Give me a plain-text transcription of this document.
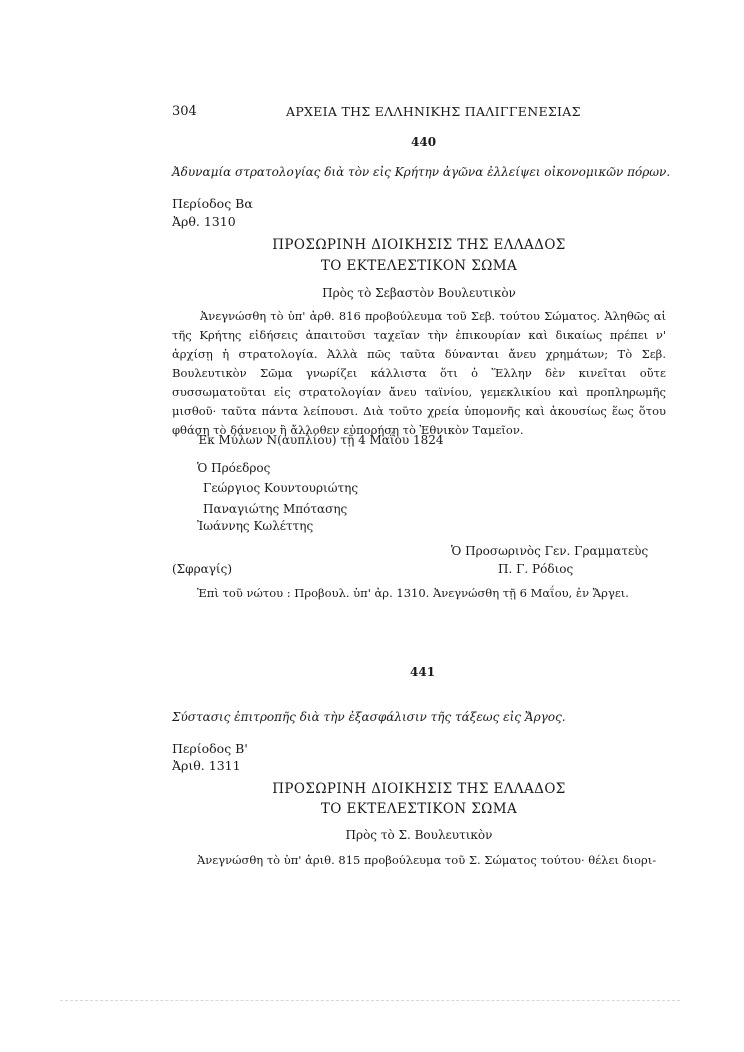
304	ΑΡΧΕΙΑ ΤΗΣ ΕΛΛΗΝΙΚΗΣ ΠΑΛΙΓΓΕΝΕΣΙΑΣ
440
Ἀδυναμία στρατολογίας διὰ τὸν εἰς Κρήτην ἀγῶνα ἐλλείψει οἰκονομικῶν πόρων.
Περίοδος Βα
Ἀρθ. 1310
ΠΡΟΣΩΡΙΝΗ ΔΙΟΙΚΗΣΙΣ ΤΗΣ ΕΛΛΑΔΟΣ
ΤΟ ΕΚΤΕΛΕΣΤΙΚΟΝ ΣΩΜΑ
Πρὸς τὸ Σεβαστὸν Βουλευτικὸν
Ἀνεγνώσθη τὸ ὑπ' ἀρθ. 816 προβούλευμα τοῦ Σεβ. τούτου Σώματος. Ἀληθῶς αἱ τῆς Κρήτης εἰδήσεις ἀπαιτοῦσι ταχεῖαν τὴν ἐπικουρίαν καὶ δικαίως πρέπει ν' ἀρχίσῃ ἡ στρατολογία. Ἀλλὰ πῶς ταῦτα δύνανται ἄνευ χρημάτων; Τὸ Σεβ. Βουλευτικὸν Σῶμα γνωρίζει κάλλιστα ὅτι ὁ Ἕλλην δὲν κινεῖται οὔτε συσσωματοῦται εἰς στρατολογίαν ἄνευ ταϊνίου, γεμεκλικίου καὶ προπληρωμῆς μισθοῦ· ταῦτα πάντα λείπουσι. Διὰ τοῦτο χρεία ὑπομονῆς καὶ ἀκουσίως ἕως ὅτου φθάσῃ τὸ δάνειον ἢ ἄλλοθεν εὐπορήσῃ τὸ Ἐθνικὸν Ταμεῖον.
Ἐκ Μύλων Ν(αυπλίου) τῇ 4 Μαΐου 1824
Ὁ Πρόεδρος
Γεώργιος Κουντουριώτης
Παναγιώτης Μπότασης
Ἰωάννης Κωλέττης
Ὁ Προσωρινὸς Γεν. Γραμματεὺς
(Σφραγίς)	Π. Γ. Ρόδιος
Ἐπὶ τοῦ νώτου : Προβουλ. ὑπ' ἀρ. 1310. Ἀνεγνώσθη τῇ 6 Μαΐου, ἐν Ἄργει.
441
Σύστασις ἐπιτροπῆς διὰ τὴν ἐξασφάλισιν τῆς τάξεως εἰς Ἄργος.
Περίοδος Β'
Ἀριθ. 1311
ΠΡΟΣΩΡΙΝΗ ΔΙΟΙΚΗΣΙΣ ΤΗΣ ΕΛΛΑΔΟΣ
ΤΟ ΕΚΤΕΛΕΣΤΙΚΟΝ ΣΩΜΑ
Πρὸς τὸ Σ. Βουλευτικὸν
Ἀνεγνώσθη τὸ ὑπ' ἀριθ. 815 προβούλευμα τοῦ Σ. Σώματος τούτου· θέλει διορι-
